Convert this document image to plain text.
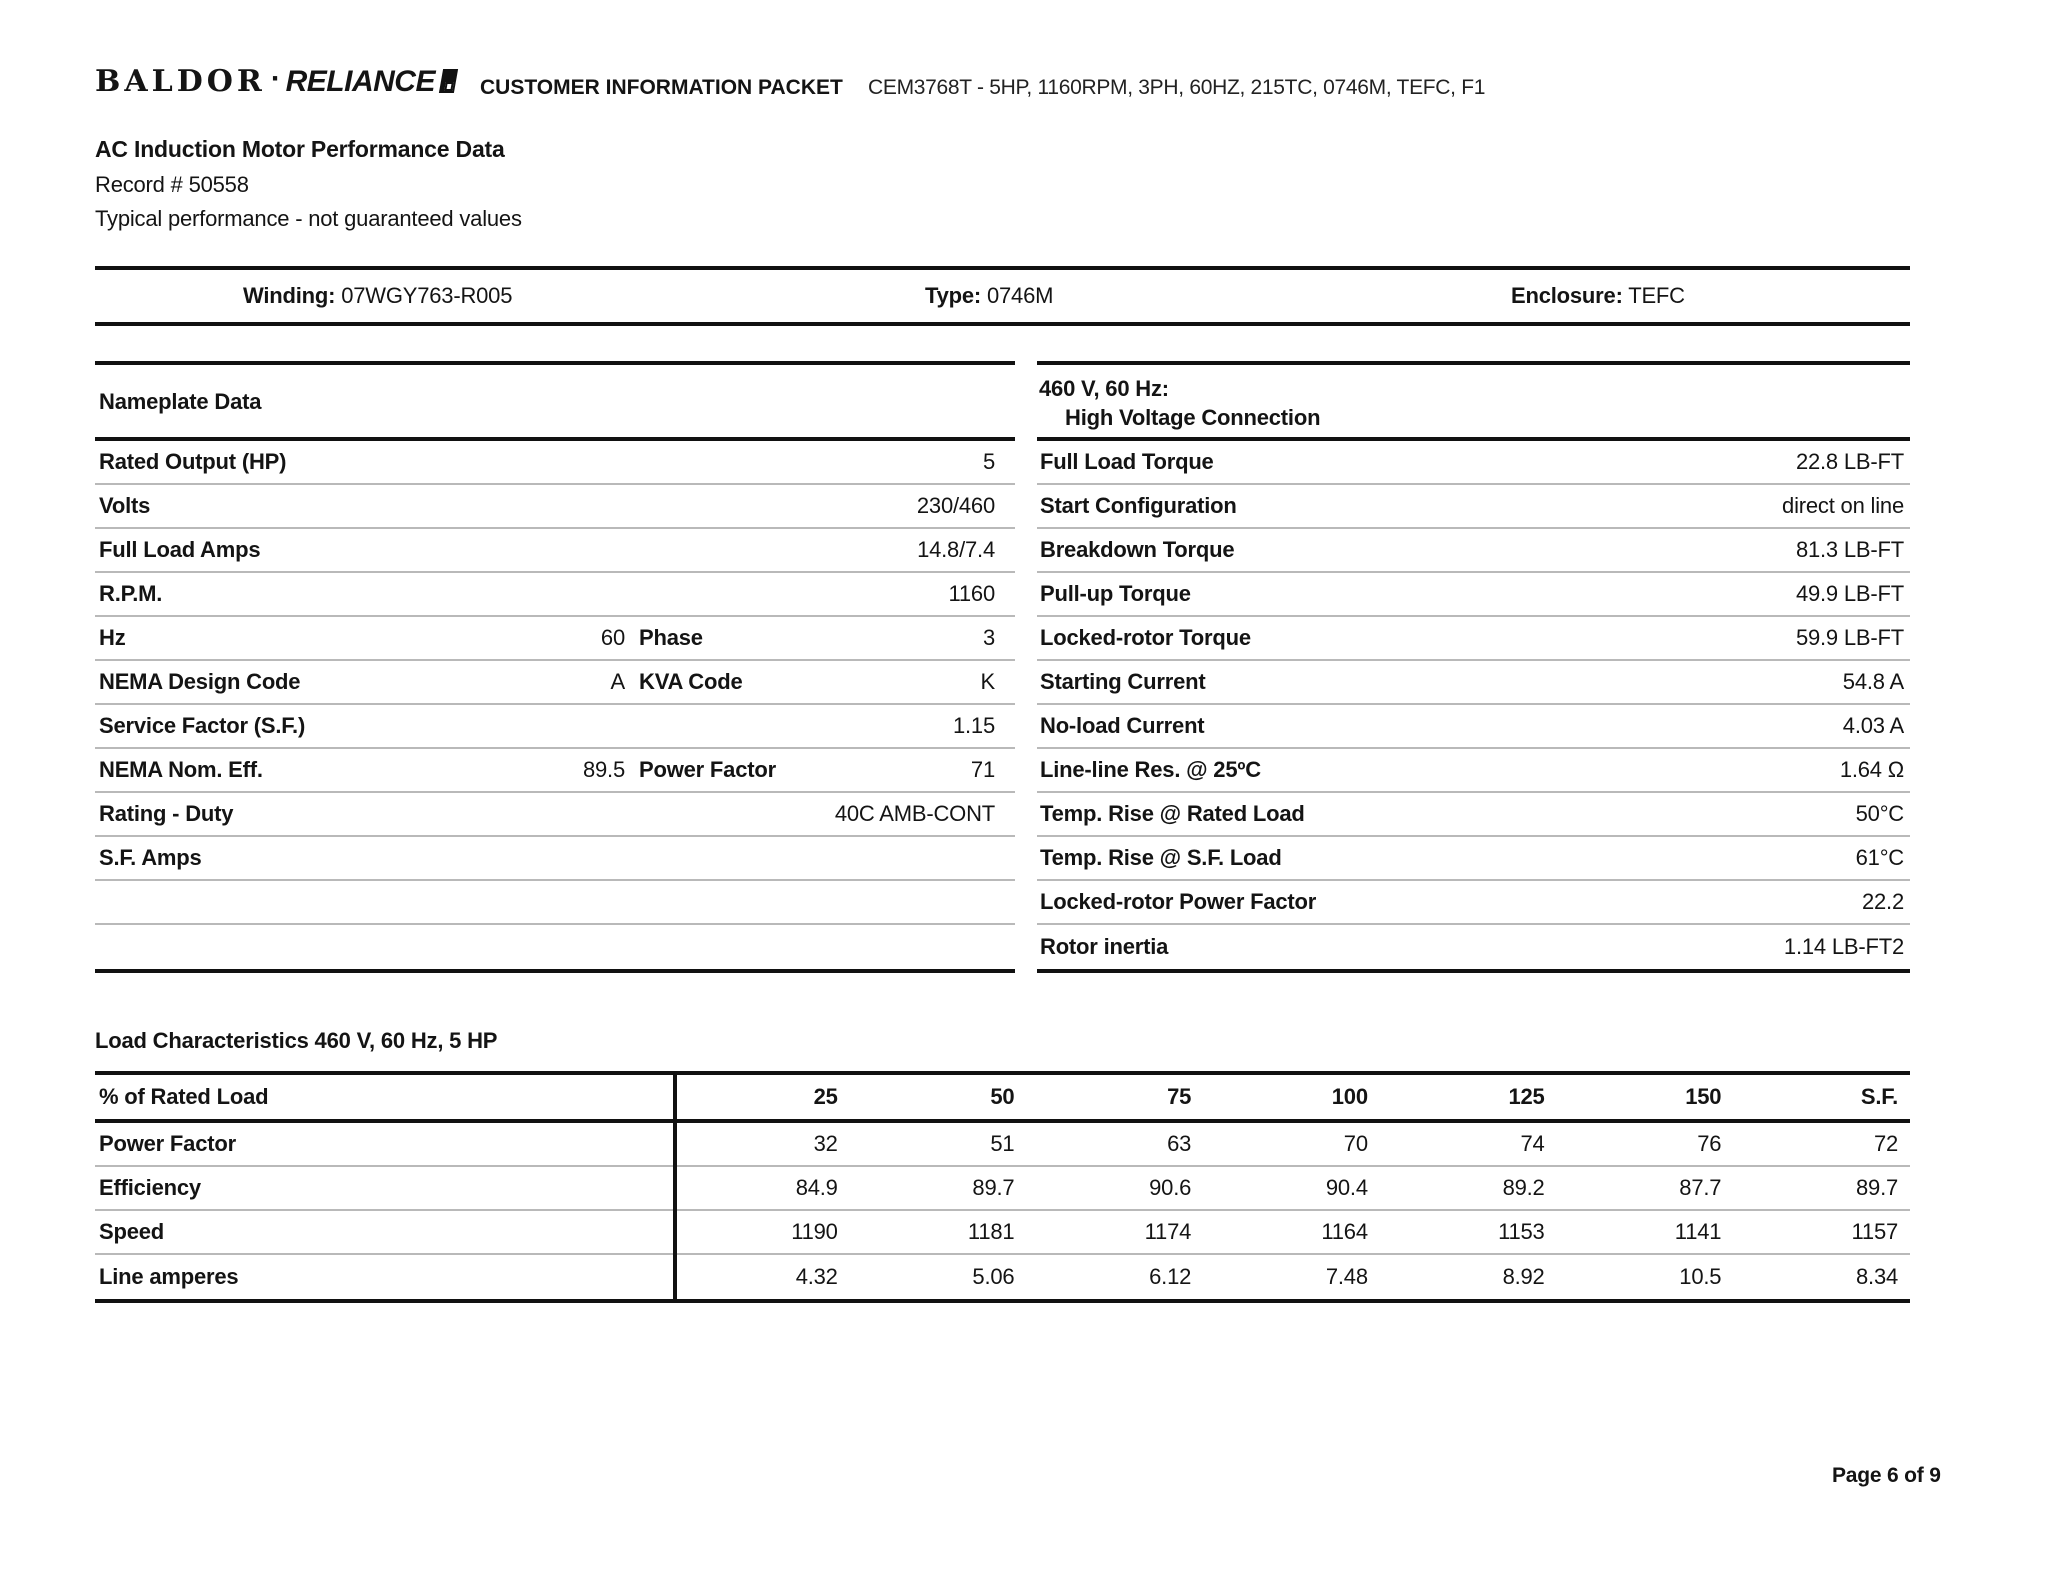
BALDOR · RELIANCE	CUSTOMER INFORMATION PACKET CEM3768T - 5HP, 1160RPM, 3PH, 60HZ, 215TC, 0746M, TEFC, F1
AC Induction Motor Performance Data
Record # 50558
Typical performance - not guaranteed values
Winding: 07WGY763-R005	Type: 0746M	Enclosure: TEFC
Nameplate Data
Rated Output (HP)	5
Volts	230/460
Full Load Amps	14.8/7.4
R.P.M.	1160
Hz	60 Phase	3
NEMA Design Code	A KVA Code	K
Service Factor (S.F.)	1.15
NEMA Nom. Eff.	89.5 Power Factor	71
Rating - Duty	40C AMB-CONT
S.F. Amps
460 V, 60 Hz:
High Voltage Connection
Full Load Torque	22.8 LB-FT
Start Configuration	direct on line
Breakdown Torque	81.3 LB-FT
Pull-up Torque	49.9 LB-FT
Locked-rotor Torque	59.9 LB-FT
Starting Current	54.8 A
No-load Current	4.03 A
Line-line Res. @ 25ºC	1.64 Ω
Temp. Rise @ Rated Load	50°C
Temp. Rise @ S.F. Load	61°C
Locked-rotor Power Factor	22.2
Rotor inertia	1.14 LB-FT2
Load Characteristics 460 V, 60 Hz, 5 HP
% of Rated Load	25	50	75	100	125	150	S.F.
Power Factor	32	51	63	70	74	76	72
Efficiency	84.9	89.7	90.6	90.4	89.2	87.7	89.7
Speed	1190	1181	1174	1164	1153	1141	1157
Line amperes	4.32	5.06	6.12	7.48	8.92	10.5	8.34
Page 6 of 9
